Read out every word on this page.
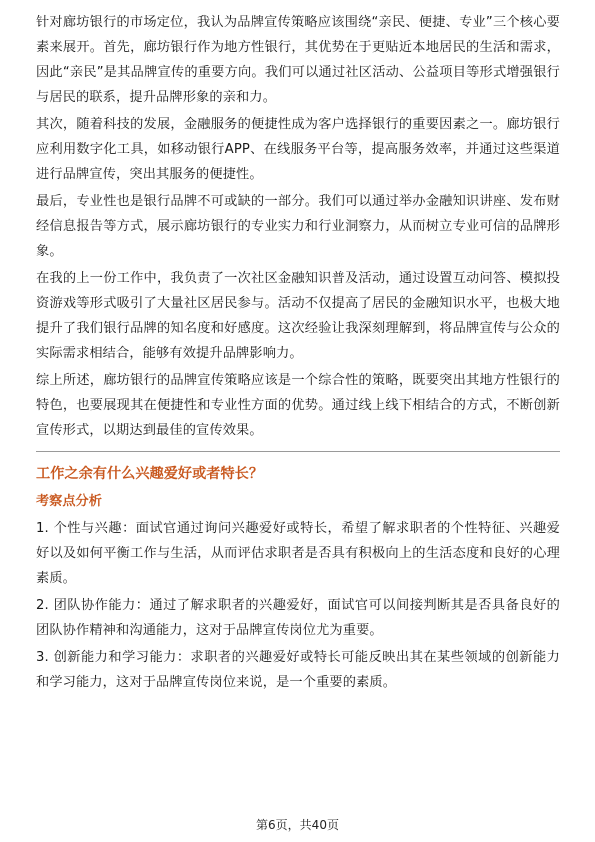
针对廊坊银行的市场定位，我认为品牌宣传策略应该围绕“亲民、便捷、专业”三个核心要素来展开。首先，廊坊银行作为地方性银行，其优势在于更贴近本地居民的生活和需求，因此“亲民”是其品牌宣传的重要方向。我们可以通过社区活动、公益项目等形式增强银行与居民的联系，提升品牌形象的亲和力。

其次，随着科技的发展，金融服务的便捷性成为客户选择银行的重要因素之一。廊坊银行应利用数字化工具，如移动银行APP、在线服务平台等，提高服务效率，并通过这些渠道进行品牌宣传，突出其服务的便捷性。

最后，专业性也是银行品牌不可或缺的一部分。我们可以通过举办金融知识讲座、发布财经信息报告等方式，展示廊坊银行的专业实力和行业洞察力，从而树立专业可信的品牌形象。

在我的上一份工作中，我负责了一次社区金融知识普及活动，通过设置互动问答、模拟投资游戏等形式吸引了大量社区居民参与。活动不仅提高了居民的金融知识水平，也极大地提升了我们银行品牌的知名度和好感度。这次经验让我深刻理解到，将品牌宣传与公众的实际需求相结合，能够有效提升品牌影响力。

综上所述，廊坊银行的品牌宣传策略应该是一个综合性的策略，既要突出其地方性银行的特色，也要展现其在便捷性和专业性方面的优势。通过线上线下相结合的方式，不断创新宣传形式，以期达到最佳的宣传效果。

工作之余有什么兴趣爱好或者特长？
考察点分析

1. 个性与兴趣：面试官通过询问兴趣爱好或特长，希望了解求职者的个性特征、兴趣爱好以及如何平衡工作与生活，从而评估求职者是否具有积极向上的生活态度和良好的心理素质。

2. 团队协作能力：通过了解求职者的兴趣爱好，面试官可以间接判断其是否具备良好的团队协作精神和沟通能力，这对于品牌宣传岗位尤为重要。

3. 创新能力和学习能力：求职者的兴趣爱好或特长可能反映出其在某些领域的创新能力和学习能力，这对于品牌宣传岗位来说，是一个重要的素质。

第6页，共40页
